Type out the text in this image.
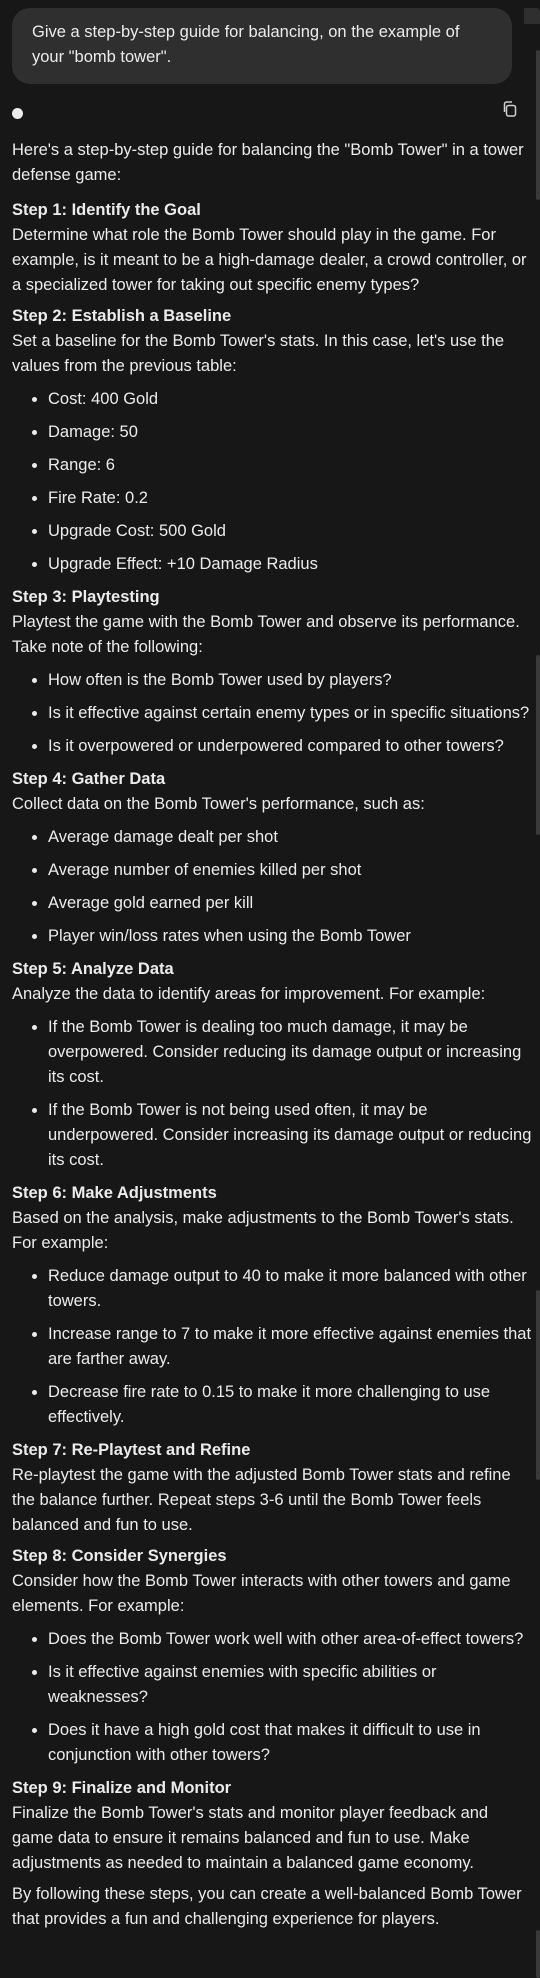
Give a step-by-step guide for balancing, on the example of your "bomb tower".

Here's a step-by-step guide for balancing the "Bomb Tower" in a tower defense game:

Step 1: Identify the Goal

Determine what role the Bomb Tower should play in the game. For example, is it meant to be a high-damage dealer, a crowd controller, or a specialized tower for taking out specific enemy types?

Step 2: Establish a Baseline

Set a baseline for the Bomb Tower's stats. In this case, let's use the values from the previous table:

Cost: 400 Gold
Damage: 50
Range: 6
Fire Rate: 0.2
Upgrade Cost: 500 Gold
Upgrade Effect: +10 Damage Radius
Step 3: Playtesting

Playtest the game with the Bomb Tower and observe its performance. Take note of the following:

How often is the Bomb Tower used by players?
Is it effective against certain enemy types or in specific situations?
Is it overpowered or underpowered compared to other towers?
Step 4: Gather Data

Collect data on the Bomb Tower's performance, such as:

Average damage dealt per shot
Average number of enemies killed per shot
Average gold earned per kill
Player win/loss rates when using the Bomb Tower
Step 5: Analyze Data

Analyze the data to identify areas for improvement. For example:

If the Bomb Tower is dealing too much damage, it may be overpowered. Consider reducing its damage output or increasing its cost.
If the Bomb Tower is not being used often, it may be underpowered. Consider increasing its damage output or reducing its cost.
Step 6: Make Adjustments

Based on the analysis, make adjustments to the Bomb Tower's stats. For example:

Reduce damage output to 40 to make it more balanced with other towers.
Increase range to 7 to make it more effective against enemies that are farther away.
Decrease fire rate to 0.15 to make it more challenging to use effectively.
Step 7: Re-Playtest and Refine

Re-playtest the game with the adjusted Bomb Tower stats and refine the balance further. Repeat steps 3-6 until the Bomb Tower feels balanced and fun to use.

Step 8: Consider Synergies

Consider how the Bomb Tower interacts with other towers and game elements. For example:

Does the Bomb Tower work well with other area-of-effect towers?
Is it effective against enemies with specific abilities or weaknesses?
Does it have a high gold cost that makes it difficult to use in conjunction with other towers?
Step 9: Finalize and Monitor

Finalize the Bomb Tower's stats and monitor player feedback and game data to ensure it remains balanced and fun to use. Make adjustments as needed to maintain a balanced game economy.

By following these steps, you can create a well-balanced Bomb Tower that provides a fun and challenging experience for players.
